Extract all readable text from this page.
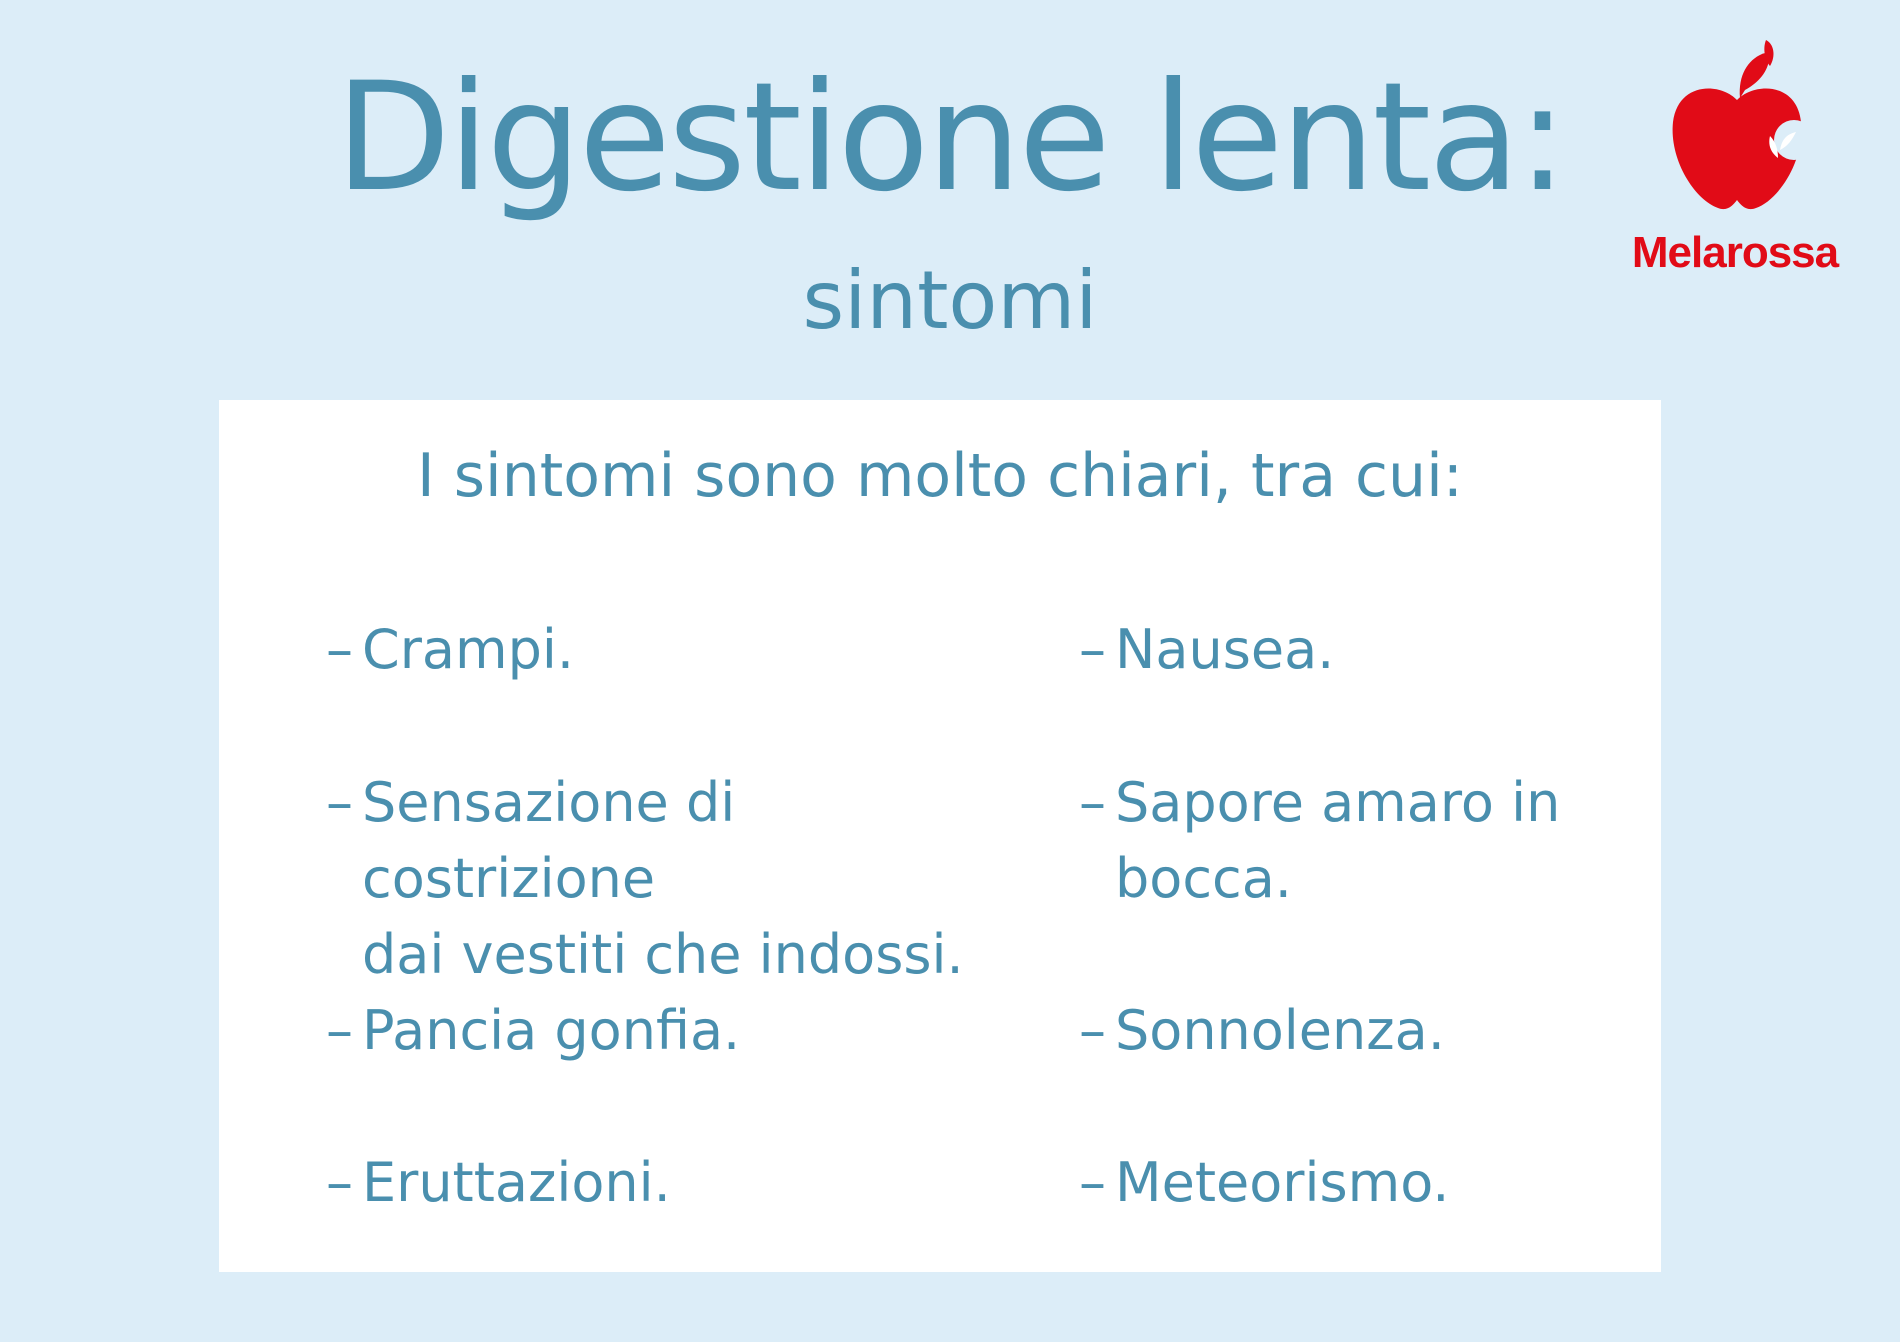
Digestione lenta:
sintomi
Melarossa
I sintomi sono molto chiari, tra cui:
– Crampi.
– Sensazione di costrizione
dai vestiti che indossi.
– Pancia gonfia.
– Eruttazioni.
– Nausea.
– Sapore amaro in
bocca.
– Sonnolenza.
– Meteorismo.
